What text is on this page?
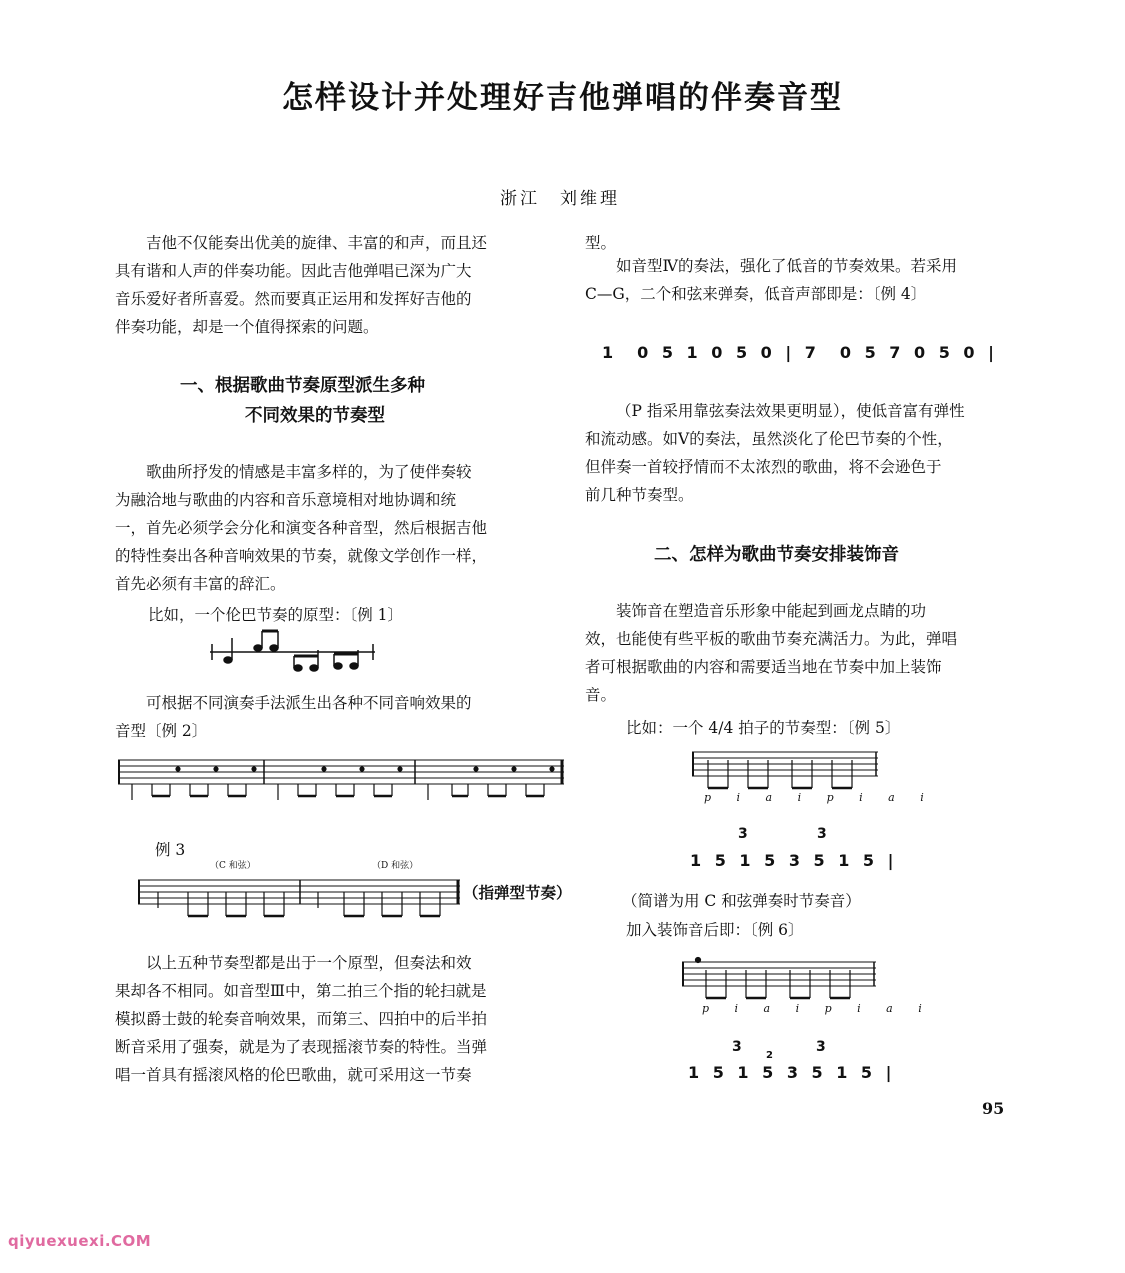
怎样设计并处理好吉他弹唱的伴奏音型
浙江　刘维理

吉他不仅能奏出优美的旋律、丰富的和声，而且还

具有谐和人声的伴奏功能。因此吉他弹唱已深为广大

音乐爱好者所喜爱。然而要真正运用和发挥好吉他的

伴奏功能，却是一个值得探索的问题。

一、根据歌曲节奏原型派生多种
不同效果的节奏型

歌曲所抒发的情感是丰富多样的，为了使伴奏较

为融洽地与歌曲的内容和音乐意境相对地协调和统

一，首先必须学会分化和演变各种音型，然后根据吉他

的特性奏出各种音响效果的节奏，就像文学创作一样，

首先必须有丰富的辞汇。

比如，一个伦巴节奏的原型：〔例 1〕

可根据不同演奏手法派生出各种不同音响效果的

音型〔例 2〕

例 3
（C 和弦）	（D 和弦）
（指弹型节奏）

以上五种节奏型都是出于一个原型，但奏法和效

果却各不相同。如音型Ⅲ中，第二拍三个指的轮扫就是

模拟爵士鼓的轮奏音响效果，而第三、四拍中的后半拍

断音采用了强奏，就是为了表现摇滚节奏的特性。当弹

唱一首具有摇滚风格的伦巴歌曲，就可采用这一节奏

型。

如音型Ⅳ的奏法，强化了低音的节奏效果。若采用

C—G，二个和弦来弹奏，低音声部即是：〔例 4〕

1　0 5 1 0 5 0 | 7　0 5 7 0 5 0 |

（P 指采用靠弦奏法效果更明显），使低音富有弹性

和流动感。如Ⅴ的奏法，虽然淡化了伦巴节奏的个性，

但伴奏一首较抒情而不太浓烈的歌曲，将不会逊色于

前几种节奏型。

二、怎样为歌曲节奏安排装饰音

装饰音在塑造音乐形象中能起到画龙点睛的功

效，也能使有些平板的歌曲节奏充满活力。为此，弹唱

者可根据歌曲的内容和需要适当地在节奏中加上装饰

音。

比如：一个 4/4 拍子的节奏型：〔例 5〕
p i a i p i a i
3	3
1 5 1 5 3 5 1 5 |
（简谱为用 C 和弦弹奏时节奏音）
加入装饰音后即：〔例 6〕
p i a i p i a i
3	3
2
1 5 1 5 3 5 1 5 |
95
qiyuexuexi.COM
